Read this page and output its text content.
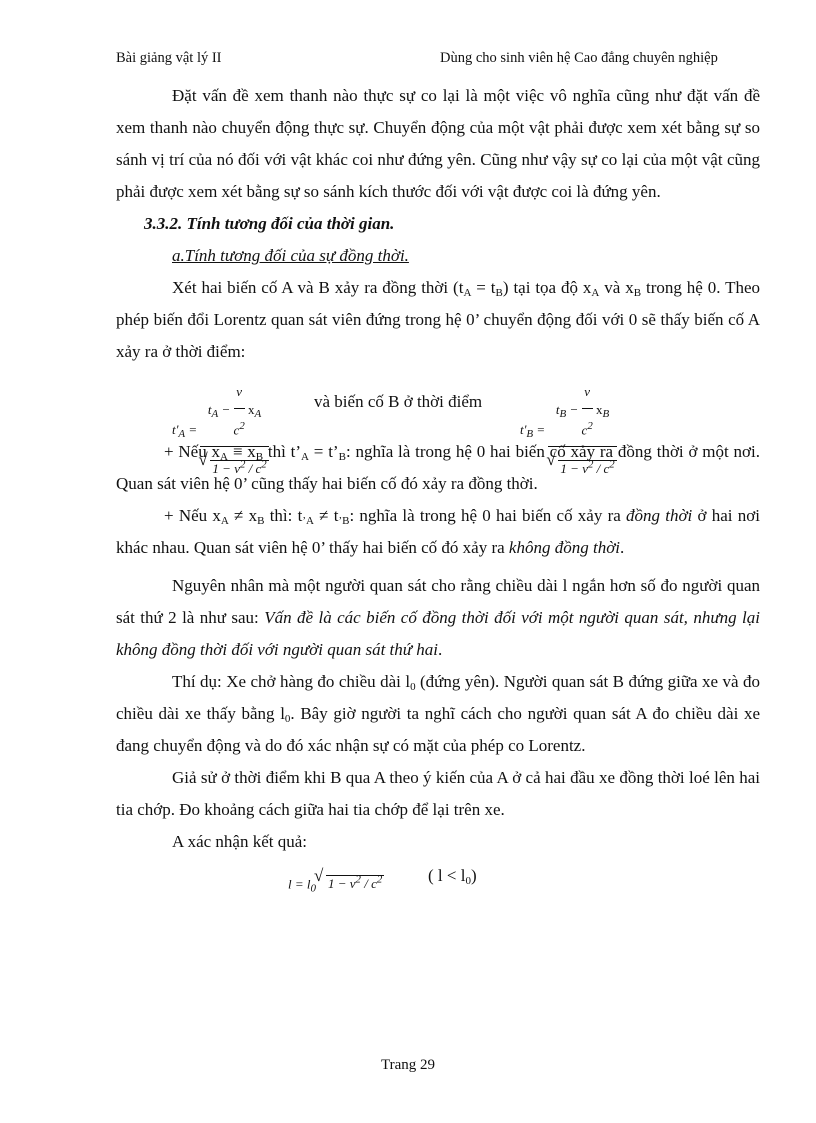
Bài giảng vật lý II	Dùng cho sinh viên hệ Cao đẳng chuyên nghiệp

Đặt vấn đề xem thanh nào thực sự co lại là một việc vô nghĩa cũng như đặt vấn đề xem thanh nào chuyển động thực sự. Chuyển động của một vật phải được xem xét bằng sự so sánh vị trí của nó đối với vật khác coi như đứng yên. Cũng như vậy sự co lại của một vật cũng phải được xem xét bằng sự so sánh kích thước đối với vật được coi là đứng yên.

3.3.2. Tính tương đối của thời gian.

a.Tính tương đối của sự đồng thời.

Xét hai biến cố A và B xảy ra đồng thời $(t_A = t_B)$ tại tọa độ $x_A$ và $x_B$ trong hệ 0. Theo phép biến đổi Lorentz quan sát viên đứng trong hệ 0’ chuyển động đối với 0 sẽ thấy biến cố A xảy ra ở thời điểm:

$t'_A = t_A - \frac{v}{c^2} x_A$
√ $1 - v^2 / c^2$	và biến cố B ở thời điểm
$t'_B = t_B - \frac{v}{c^2} x_B$
√ $1 - v^2 / c^2$

+ Nếu $x_A \equiv x_B$ thì $t’_A$ = $t’_B$: nghĩa là trong hệ 0 hai biến cố xảy ra đồng thời ở một nơi. Quan sát viên hệ 0’ cũng thấy hai biến cố đó xảy ra đồng thời.

+ Nếu $x_A \ne x_B$ thì: $t_{’A} \ne t_{’B}$: nghĩa là trong hệ 0 hai biến cố xảy ra đồng thời ở hai nơi khác nhau. Quan sát viên hệ 0’ thấy hai biến cố đó xảy ra không đồng thời.

Nguyên nhân mà một người quan sát cho rằng chiều dài l ngắn hơn số đo người quan sát thứ 2 là như sau: Vấn đề là các biến cố đồng thời đối với một người quan sát, nhưng lại không đồng thời đối với người quan sát thứ hai.

Thí dụ: Xe chở hàng đo chiều dài $l_0$ (đứng yên). Người quan sát B đứng giữa xe và đo chiều dài xe thấy bằng $l_0$. Bây giờ người ta nghĩ cách cho người quan sát A đo chiều dài xe đang chuyển động và do đó xác nhận sự có mặt của phép co Lorentz.

Giả sử ở thời điểm khi B qua A theo ý kiến của A ở cả hai đầu xe đồng thời loé lên hai tia chớp. Đo khoảng cách giữa hai tia chớp để lại trên xe.

A xác nhận kết quả:

$l = l_0√$ $1 - v^2 / c^2$	( $l < l_0$)
Trang 29
